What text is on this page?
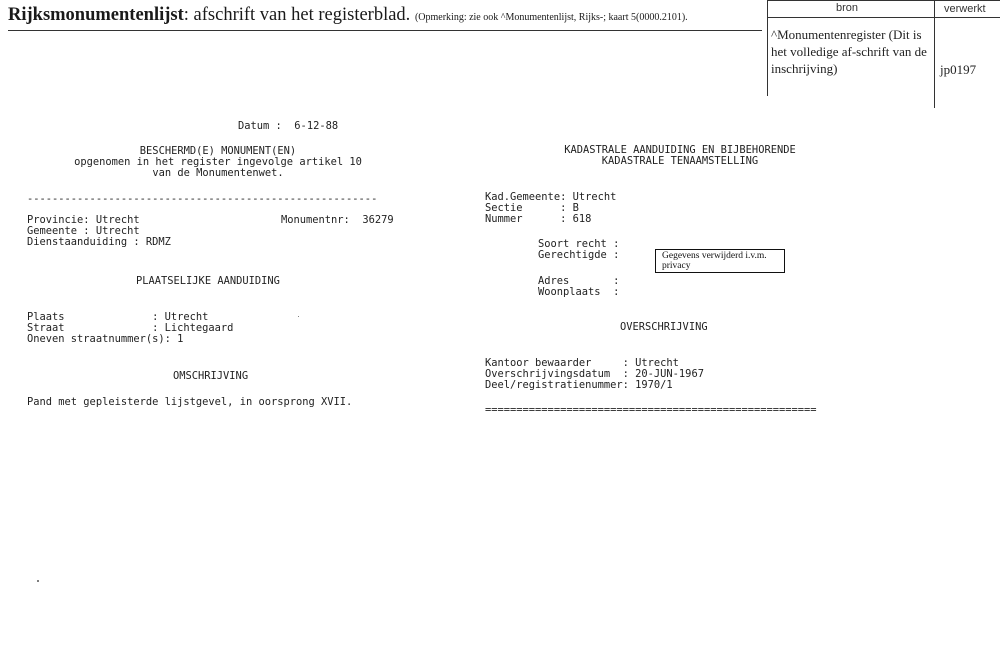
Rijksmonumentenlijst: afschrift van het registerblad. (Opmerking: zie ook ^Monumentenlijst, Rijks-; kaart 5(0000.2101).
bron	verwerkt
^Monumentenregister (Dit is het volledige af-schrift van de inschrijving)	jp0197
Datum :  6-12-88
BESCHERMD(E) MONUMENT(EN)
opgenomen in het register ingevolge artikel 10
van de Monumentenwet.
--------------------------------------------------------
Provincie: Utrecht	Monumentnr:  36279
Gemeente : Utrecht
Dienstaanduiding : RDMZ
PLAATSELIJKE AANDUIDING
Plaats              : Utrecht
Straat              : Lichtegaard
Oneven straatnummer(s): 1
OMSCHRIJVING
Pand met gepleisterde lijstgevel, in oorsprong XVII.
KADASTRALE AANDUIDING EN BIJBEHORENDE
KADASTRALE TENAAMSTELLING
Kad.Gemeente: Utrecht
Sectie      : B
Nummer      : 618
Soort recht :
Gerechtigde :	Gegevens verwijderd i.v.m. privacy
Adres       :
Woonplaats  :
OVERSCHRIJVING
Kantoor bewaarder     : Utrecht
Overschrijvingsdatum  : 20-JUN-1967
Deel/registratienummer: 1970/1
=====================================================
